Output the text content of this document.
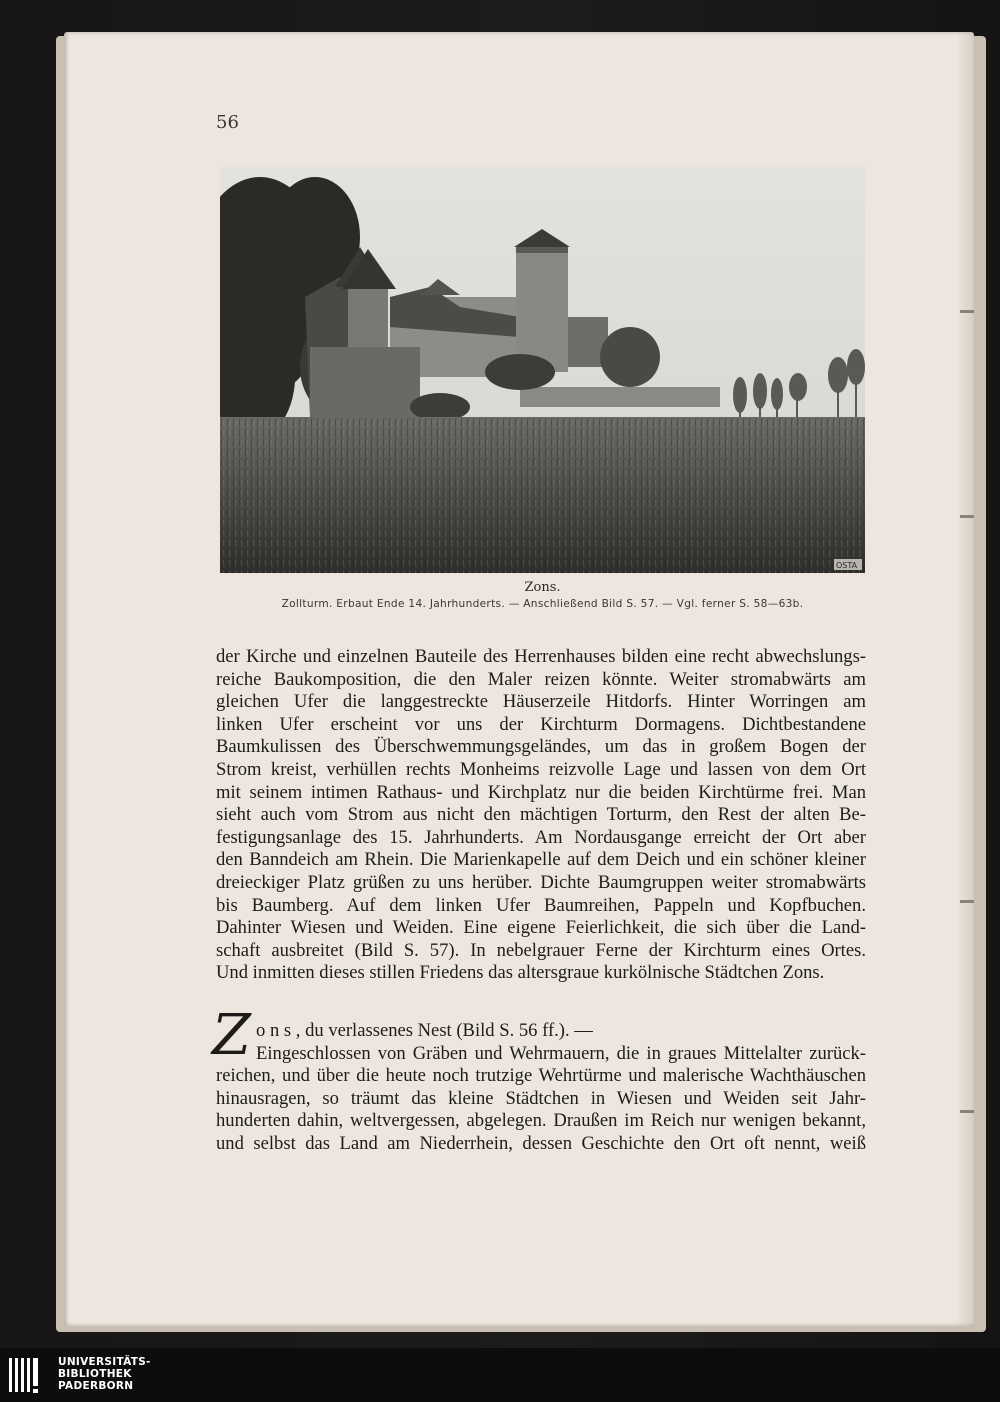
56
OSTA
Zons.
Zollturm. Erbaut Ende 14. Jahrhunderts. — Anschließend Bild S. 57. — Vgl. ferner S. 58—63b.
der Kirche und einzelnen Bauteile des Herrenhauses bilden eine recht abwechslungs-
reiche Baukomposition, die den Maler reizen könnte. Weiter stromabwärts am
gleichen Ufer die langgestreckte Häuserzeile Hitdorfs. Hinter Worringen am
linken Ufer erscheint vor uns der Kirchturm Dormagens. Dichtbestandene
Baumkulissen des Überschwemmungsgeländes, um das in großem Bogen der
Strom kreist, verhüllen rechts Monheims reizvolle Lage und lassen von dem Ort
mit seinem intimen Rathaus- und Kirchplatz nur die beiden Kirchtürme frei. Man
sieht auch vom Strom aus nicht den mächtigen Torturm, den Rest der alten Be-
festigungsanlage des 15. Jahrhunderts. Am Nordausgange erreicht der Ort aber
den Banndeich am Rhein. Die Marienkapelle auf dem Deich und ein schöner kleiner
dreieckiger Platz grüßen zu uns herüber. Dichte Baumgruppen weiter stromabwärts
bis Baumberg. Auf dem linken Ufer Baumreihen, Pappeln und Kopfbuchen.
Dahinter Wiesen und Weiden. Eine eigene Feierlichkeit, die sich über die Land-
schaft ausbreitet (Bild S. 57). In nebelgrauer Ferne der Kirchturm eines Ortes.
Und inmitten dieses stillen Friedens das altersgraue kurkölnische Städtchen Zons.
Z o n s , du verlassenes Nest (Bild S. 56 ff.). —
Eingeschlossen von Gräben und Wehrmauern, die in graues Mittelalter zurück-
reichen, und über die heute noch trutzige Wehrtürme und malerische Wachthäuschen
hinausragen, so träumt das kleine Städtchen in Wiesen und Weiden seit Jahr-
hunderten dahin, weltvergessen, abgelegen. Draußen im Reich nur wenigen bekannt,
und selbst das Land am Niederrhein, dessen Geschichte den Ort oft nennt, weiß
UNIVERSITÄTS-
BIBLIOTHEK
PADERBORN
